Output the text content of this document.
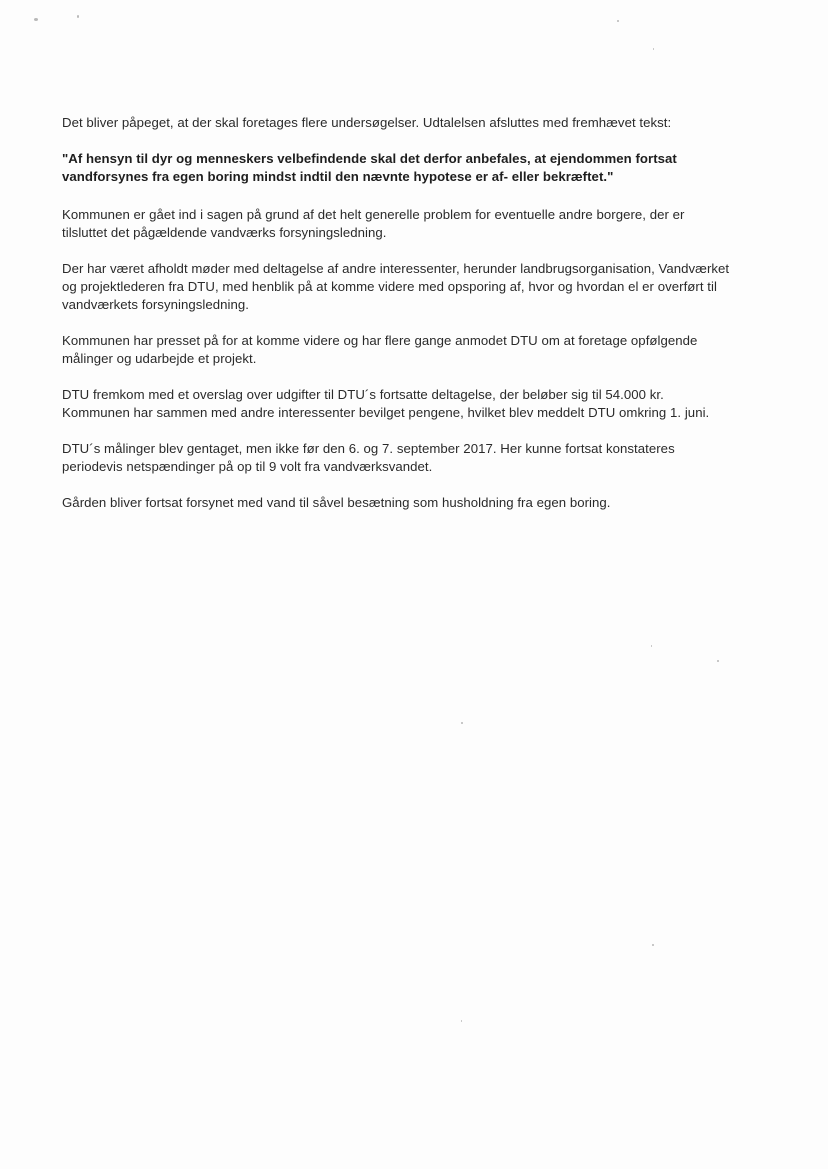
Det bliver påpeget, at der skal foretages flere undersøgelser. Udtalelsen afsluttes med fremhævet tekst:

"Af hensyn til dyr og menneskers velbefindende skal det derfor anbefales, at ejendommen fortsat vandforsynes fra egen boring mindst indtil den nævnte hypotese er af- eller bekræftet."

Kommunen er gået ind i sagen på grund af det helt generelle problem for eventuelle andre borgere, der er tilsluttet det pågældende vandværks forsyningsledning.

Der har været afholdt møder med deltagelse af andre interessenter, herunder landbrugsorganisation, Vandværket og projektlederen fra DTU, med henblik på at komme videre med opsporing af, hvor og hvordan el er overført til vandværkets forsyningsledning.

Kommunen har presset på for at komme videre og har flere gange anmodet DTU om at foretage opfølgende målinger og udarbejde et projekt.

DTU fremkom med et overslag over udgifter til DTU´s fortsatte deltagelse, der beløber sig til 54.000 kr. Kommunen har sammen med andre interessenter bevilget pengene, hvilket blev meddelt DTU omkring 1. juni.

DTU´s målinger blev gentaget, men ikke før den 6. og 7. september 2017. Her kunne fortsat konstateres periodevis netspændinger på op til 9 volt fra vandværksvandet.

Gården bliver fortsat forsynet med vand til såvel besætning som husholdning fra egen boring.
